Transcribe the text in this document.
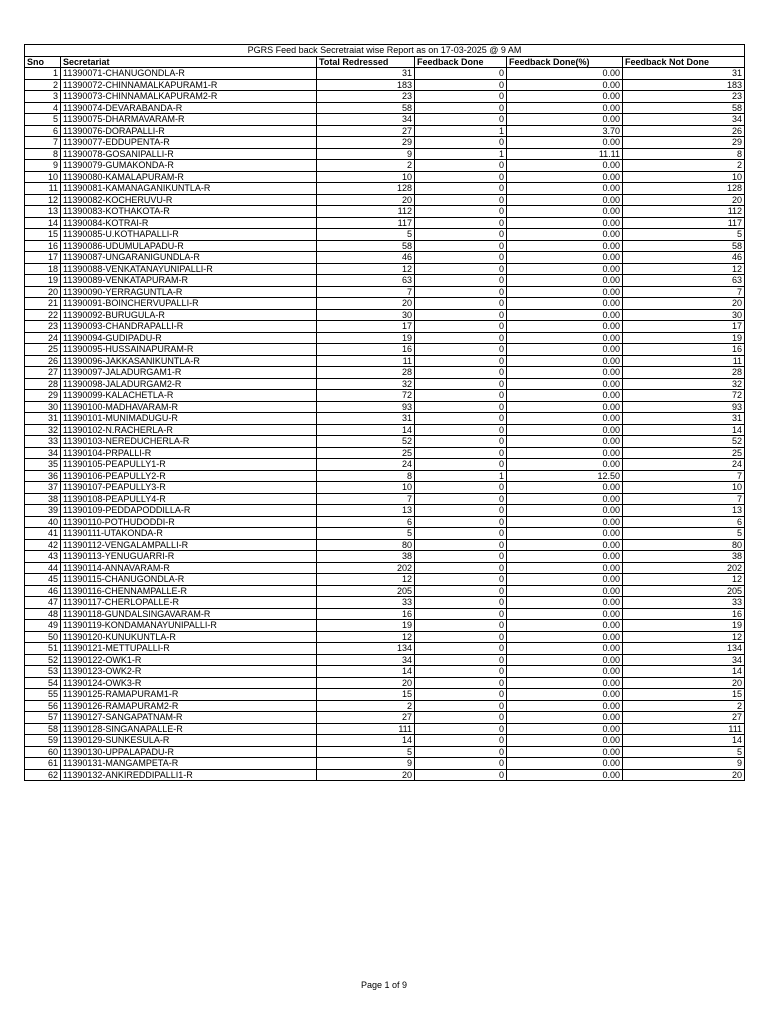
PGRS Feed back Secretraiat wise Report as on 17-03-2025 @ 9 AM					
Sno	Secretariat	Total Redressed	Feedback Done	Feedback Done(%)	Feedback Not Done
1	11390071-CHANUGONDLA-R	31	0	0.00	31
2	11390072-CHINNAMALKAPURAM1-R	183	0	0.00	183
3	11390073-CHINNAMALKAPURAM2-R	23	0	0.00	23
4	11390074-DEVARABANDA-R	58	0	0.00	58
5	11390075-DHARMAVARAM-R	34	0	0.00	34
6	11390076-DORAPALLI-R	27	1	3.70	26
7	11390077-EDDUPENTA-R	29	0	0.00	29
8	11390078-GOSANIPALLI-R	9	1	11.11	8
9	11390079-GUMAKONDA-R	2	0	0.00	2
10	11390080-KAMALAPURAM-R	10	0	0.00	10
11	11390081-KAMANAGANIKUNTLA-R	128	0	0.00	128
12	11390082-KOCHERUVU-R	20	0	0.00	20
13	11390083-KOTHAKOTA-R	112	0	0.00	112
14	11390084-KOTRAI-R	117	0	0.00	117
15	11390085-U.KOTHAPALLI-R	5	0	0.00	5
16	11390086-UDUMULAPADU-R	58	0	0.00	58
17	11390087-UNGARANIGUNDLA-R	46	0	0.00	46
18	11390088-VENKATANAYUNIPALLI-R	12	0	0.00	12
19	11390089-VENKATAPURAM-R	63	0	0.00	63
20	11390090-YERRAGUNTLA-R	7	0	0.00	7
21	11390091-BOINCHERVUPALLI-R	20	0	0.00	20
22	11390092-BURUGULA-R	30	0	0.00	30
23	11390093-CHANDRAPALLI-R	17	0	0.00	17
24	11390094-GUDIPADU-R	19	0	0.00	19
25	11390095-HUSSAINAPURAM-R	16	0	0.00	16
26	11390096-JAKKASANIKUNTLA-R	11	0	0.00	11
27	11390097-JALADURGAM1-R	28	0	0.00	28
28	11390098-JALADURGAM2-R	32	0	0.00	32
29	11390099-KALACHETLA-R	72	0	0.00	72
30	11390100-MADHAVARAM-R	93	0	0.00	93
31	11390101-MUNIMADUGU-R	31	0	0.00	31
32	11390102-N.RACHERLA-R	14	0	0.00	14
33	11390103-NEREDUCHERLA-R	52	0	0.00	52
34	11390104-PRPALLI-R	25	0	0.00	25
35	11390105-PEAPULLY1-R	24	0	0.00	24
36	11390106-PEAPULLY2-R	8	1	12.50	7
37	11390107-PEAPULLY3-R	10	0	0.00	10
38	11390108-PEAPULLY4-R	7	0	0.00	7
39	11390109-PEDDAPODDILLA-R	13	0	0.00	13
40	11390110-POTHUDODDI-R	6	0	0.00	6
41	11390111-UTAKONDA-R	5	0	0.00	5
42	11390112-VENGALAMPALLI-R	80	0	0.00	80
43	11390113-YENUGUARRI-R	38	0	0.00	38
44	11390114-ANNAVARAM-R	202	0	0.00	202
45	11390115-CHANUGONDLA-R	12	0	0.00	12
46	11390116-CHENNAMPALLE-R	205	0	0.00	205
47	11390117-CHERLOPALLE-R	33	0	0.00	33
48	11390118-GUNDALSINGAVARAM-R	16	0	0.00	16
49	11390119-KONDAMANAYUNIPALLI-R	19	0	0.00	19
50	11390120-KUNUKUNTLA-R	12	0	0.00	12
51	11390121-METTUPALLI-R	134	0	0.00	134
52	11390122-OWK1-R	34	0	0.00	34
53	11390123-OWK2-R	14	0	0.00	14
54	11390124-OWK3-R	20	0	0.00	20
55	11390125-RAMAPURAM1-R	15	0	0.00	15
56	11390126-RAMAPURAM2-R	2	0	0.00	2
57	11390127-SANGAPATNAM-R	27	0	0.00	27
58	11390128-SINGANAPALLE-R	111	0	0.00	111
59	11390129-SUNKESULA-R	14	0	0.00	14
60	11390130-UPPALAPADU-R	5	0	0.00	5
61	11390131-MANGAMPETA-R	9	0	0.00	9
62	11390132-ANKIREDDIPALLI1-R	20	0	0.00	20
Page 1 of 9
